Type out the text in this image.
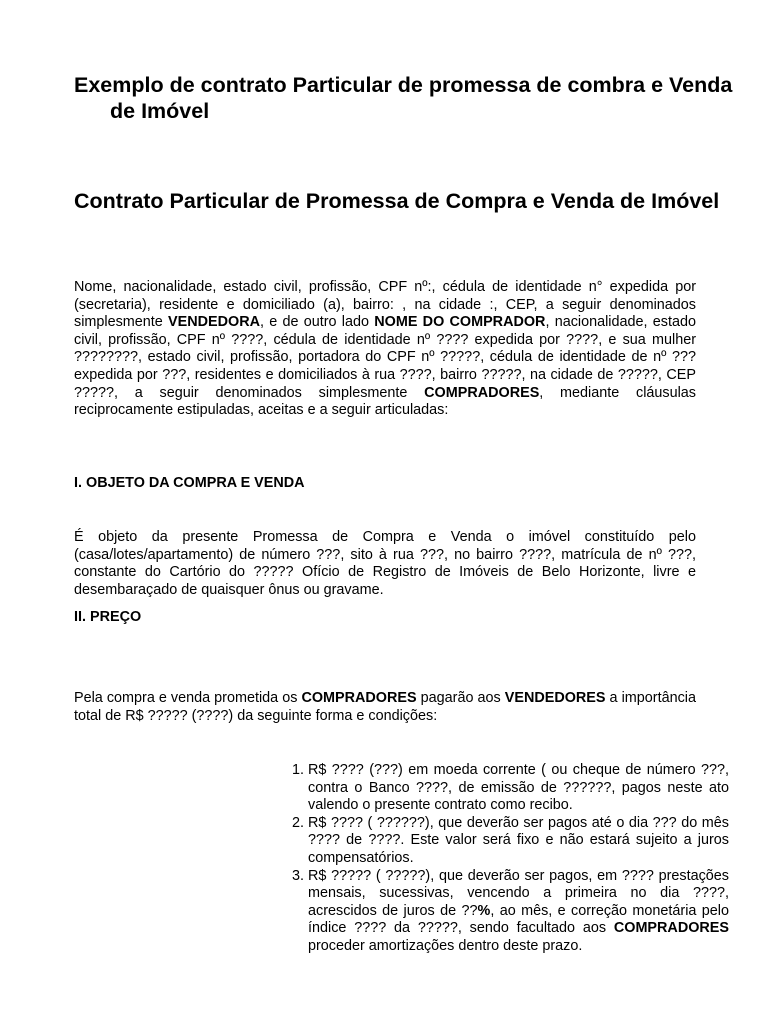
Exemplo de contrato Particular de promessa de combra e Venda de Imóvel
Contrato Particular de Promessa de Compra e Venda de Imóvel

Nome, nacionalidade, estado civil, profissão, CPF nº:, cédula de identidade n° expedida por (secretaria), residente e domiciliado (a), bairro: , na cidade :, CEP, a seguir denominados simplesmente VENDEDORA, e de outro lado NOME DO COMPRADOR, nacionalidade, estado civil, profissão, CPF nº ????, cédula de identidade nº ???? expedida por ????, e sua mulher ????????, estado civil, profissão, portadora do CPF nº ?????, cédula de identidade de nº ??? expedida por ???, residentes e domiciliados à rua ????, bairro ?????, na cidade de ?????, CEP ?????, a seguir denominados simplesmente COMPRADORES, mediante cláusulas reciprocamente estipuladas, aceitas e a seguir articuladas:

I. OBJETO DA COMPRA E VENDA

É objeto da presente Promessa de Compra e Venda o imóvel constituído pelo (casa/lotes/apartamento) de número ???, sito à rua ???, no bairro ????, matrícula de nº ???, constante do Cartório do ????? Ofício de Registro de Imóveis de Belo Horizonte, livre e desembaraçado de quaisquer ônus ou gravame.

II. PREÇO

Pela compra e venda prometida os COMPRADORES pagarão aos VENDEDORES a importância total de R$ ????? (????) da seguinte forma e condições:

1. R$ ???? (???) em moeda corrente ( ou cheque de número ???, contra o Banco ????, de emissão de ??????, pagos neste ato valendo o presente contrato como recibo.
2. R$ ???? ( ??????), que deverão ser pagos até o dia ??? do mês ???? de ????. Este valor será fixo e não estará sujeito a juros compensatórios.
3. R$ ????? ( ?????), que deverão ser pagos, em ???? prestações mensais, sucessivas, vencendo a primeira no dia ????, acrescidos de juros de ??%, ao mês, e correção monetária pelo índice ???? da ?????, sendo facultado aos COMPRADORES proceder amortizações dentro deste prazo.
